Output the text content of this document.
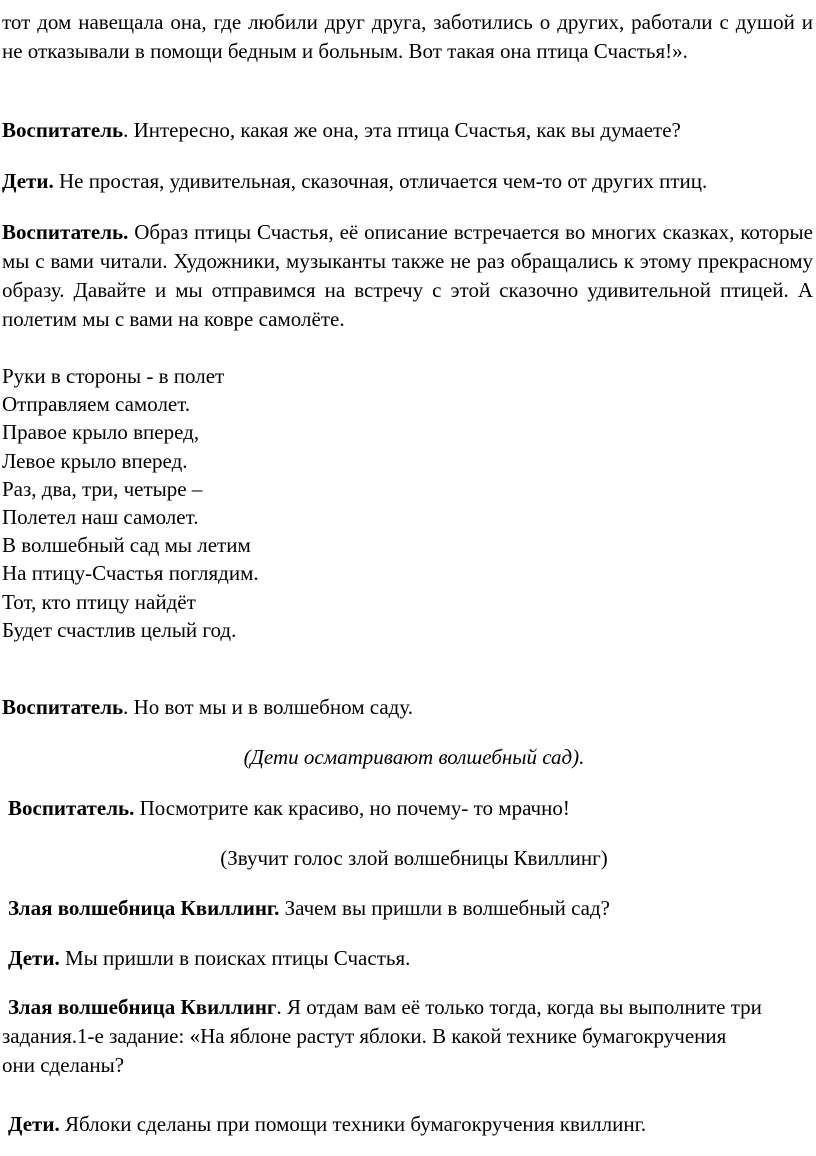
тот дом навещала она, где любили друг друга, заботились о других, работали с душой и не отказывали в помощи бедным и больным. Вот такая она птица Счастья!».

Воспитатель. Интересно, какая же она, эта птица Счастья, как вы думаете?

Дети. Не простая, удивительная, сказочная, отличается чем-то от других птиц.

Воспитатель. Образ птицы Счастья, её описание встречается во многих сказках, которые мы с вами читали. Художники, музыканты также не раз обращались к этому прекрасному образу. Давайте и мы отправимся на встречу с этой сказочно удивительной птицей. А полетим мы с вами на ковре самолёте.

Руки в стороны - в полет
Отправляем самолет.
Правое крыло вперед,
Левое крыло вперед.
Раз, два, три, четыре –
Полетел наш самолет.
В волшебный сад мы летим
На птицу-Счастья поглядим.
Тот, кто птицу найдёт
Будет счастлив целый год.

Воспитатель. Но вот мы и в волшебном саду.

(Дети осматривают волшебный сад).

Воспитатель. Посмотрите как красиво, но почему- то мрачно!

(Звучит голос злой волшебницы Квиллинг)

Злая волшебница Квиллинг. Зачем вы пришли в волшебный сад?

Дети. Мы пришли в поисках птицы Счастья.

Злая волшебница Квиллинг. Я отдам вам её только тогда, когда вы выполните три задания.1-е задание: «На яблоне растут яблоки. В какой технике бумагокручения они сделаны?

Дети. Яблоки сделаны при помощи техники бумагокручения квиллинг.
